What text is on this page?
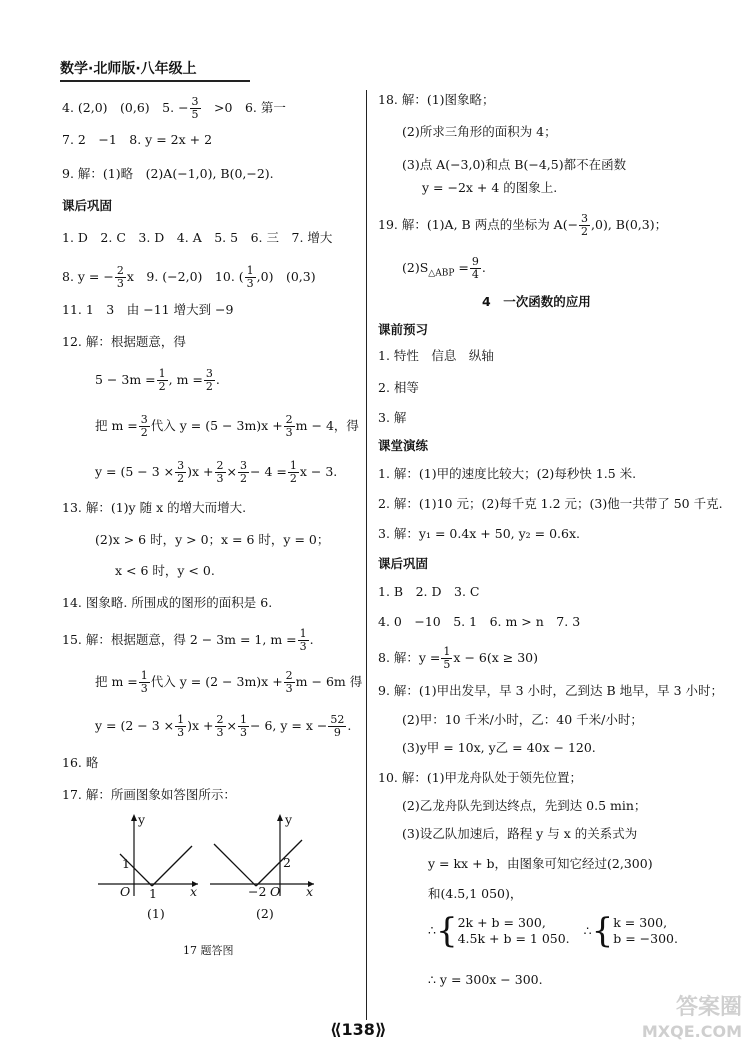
数学·北师版·八年级上
4. (2,0)　(0,6)　5. − $\frac{3}{5}$ 　>0　6. 第一
7. 2　−1　8. y = 2x + 2
9. 解：(1)略　(2)A(−1,0), B(0,−2).
课后巩固
1. D　2. C　3. D　4. A　5. 5　6. 三　7. 增大
8. y = − $\frac{2}{3}$ x　9. (−2,0)　10. ( $\frac{1}{3} ,0$)　(0,3)
11. 1　3　由 −11 增大到 −9
12. 解：根据题意，得
$5 - 3m = \frac{1}{2}$ , $m = \frac{3}{2}$ .
把 $m = \frac{3}{2}$ 代入 $y = (5 - 3m)x + \frac{2}{3}$ m − 4，得
$y = (5 - 3 \times \frac{3}{2} )x + \frac{2}{3} \times \frac{3}{2} - 4 = \frac{1}{2}$ x − 3.
13. 解：(1)y 随 x 的增大而增大.
(2)x > 6 时，y > 0；x = 6 时，y = 0；
x < 6 时，y < 0.
14. 图象略. 所围成的图形的面积是 6.
15. 解：根据题意，得 2 − 3m = 1, $m = \frac{1}{3}$ .
把 $m = \frac{1}{3}$ 代入 $y = (2 - 3m)x + \frac{2}{3}$ m − 6m 得
$y = (2 - 3 \times \frac{1}{3} )x + \frac{2}{3} \times \frac{1}{3} - 6$, $y = x - \frac{52}{9}$ .
16. 略
17. 解：所画图象如答图所示：
y
x
O
1
1
(1)
y
x
O
2
−2
(2)
17 题答图
18. 解：(1)图象略；
(2)所求三角形的面积为 4；
(3)点 A(−3,0)和点 B(−4,5)都不在函数
y = −2x + 4 的图象上.
19. 解：(1)A, B 两点的坐标为 $A(- \frac{3}{2} ,0)$, B(0,3)；
$(2)S_{\triangle ABP} = \frac{9}{4}$ .
4　一次函数的应用
课前预习
1. 特性　信息　纵轴
2. 相等
3. 解
课堂演练
1. 解：(1)甲的速度比较大；(2)每秒快 1.5 米.
2. 解：(1)10 元；(2)每千克 1.2 元；(3)他一共带了 50 千克.
3. 解：y₁ = 0.4x + 50, y₂ = 0.6x.
课后巩固
1. B　2. D　3. C
4. 0　−10　5. 1　6. m > n　7. 3
8. 解：$y = \frac{1}{5}$ x − 6(x ≥ 30)
9. 解：(1)甲出发早，早 3 小时，乙到达 B 地早，早 3 小时；
(2)甲：10 千米/小时，乙：40 千米/小时；
(3)y甲 = 10x, y乙 = 40x − 120.
10. 解：(1)甲龙舟队处于领先位置；
(2)乙龙舟队先到达终点，先到达 0.5 min；
(3)设乙队加速后，路程 y 与 x 的关系式为
y = kx + b，由图象可知它经过(2,300)
和(4.5,1 050)，
∴{ 2k + b = 300,
4.5k + b = 1 050.
∴{ k = 300,
b = −300.
∴ y = 300x − 300.
⟪138⟫
答案圈
MXQE.COM
